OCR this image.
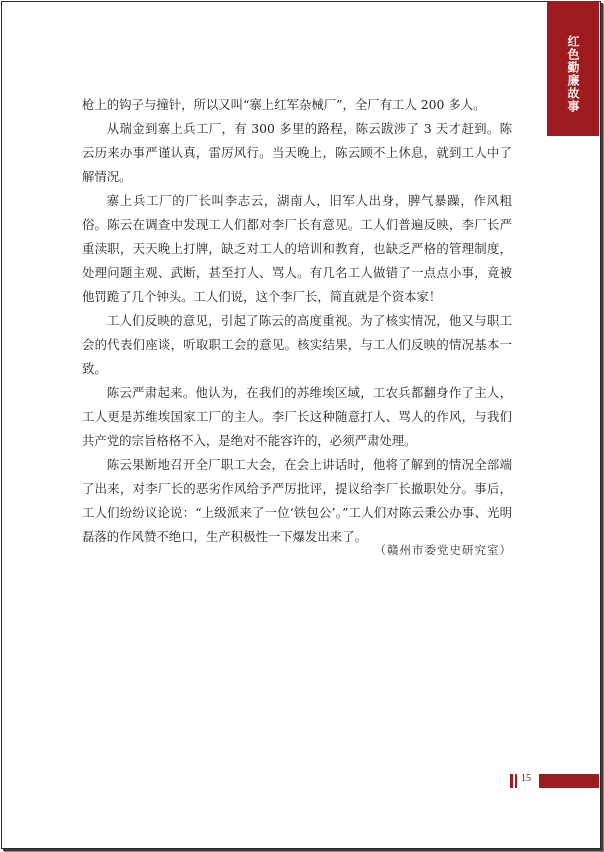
红色勤廉故事

枪上的钩子与撞针，所以又叫“寨上红军杂械厂”，全厂有工人 200 多人。

从瑞金到寨上兵工厂，有 300 多里的路程，陈云跋涉了 3 天才赶到。陈云历来办事严谨认真，雷厉风行。当天晚上，陈云顾不上休息，就到工人中了解情况。

寨上兵工厂的厂长叫李志云，湖南人，旧军人出身，脾气暴躁，作风粗俗。陈云在调查中发现工人们都对李厂长有意见。工人们普遍反映，李厂长严重渎职，天天晚上打牌，缺乏对工人的培训和教育，也缺乏严格的管理制度，处理问题主观、武断，甚至打人、骂人。有几名工人做错了一点点小事，竟被他罚跪了几个钟头。工人们说，这个李厂长，简直就是个资本家！

工人们反映的意见，引起了陈云的高度重视。为了核实情况，他又与职工会的代表们座谈，听取职工会的意见。核实结果，与工人们反映的情况基本一致。

陈云严肃起来。他认为，在我们的苏维埃区域，工农兵都翻身作了主人，工人更是苏维埃国家工厂的主人。李厂长这种随意打人、骂人的作风，与我们共产党的宗旨格格不入，是绝对不能容许的，必须严肃处理。

陈云果断地召开全厂职工大会，在会上讲话时，他将了解到的情况全部端了出来，对李厂长的恶劣作风给予严厉批评，提议给李厂长撤职处分。事后，工人们纷纷议论说：“上级派来了一位‘铁包公’。”工人们对陈云秉公办事、光明磊落的作风赞不绝口，生产积极性一下爆发出来了。

（赣州市委党史研究室）
15
